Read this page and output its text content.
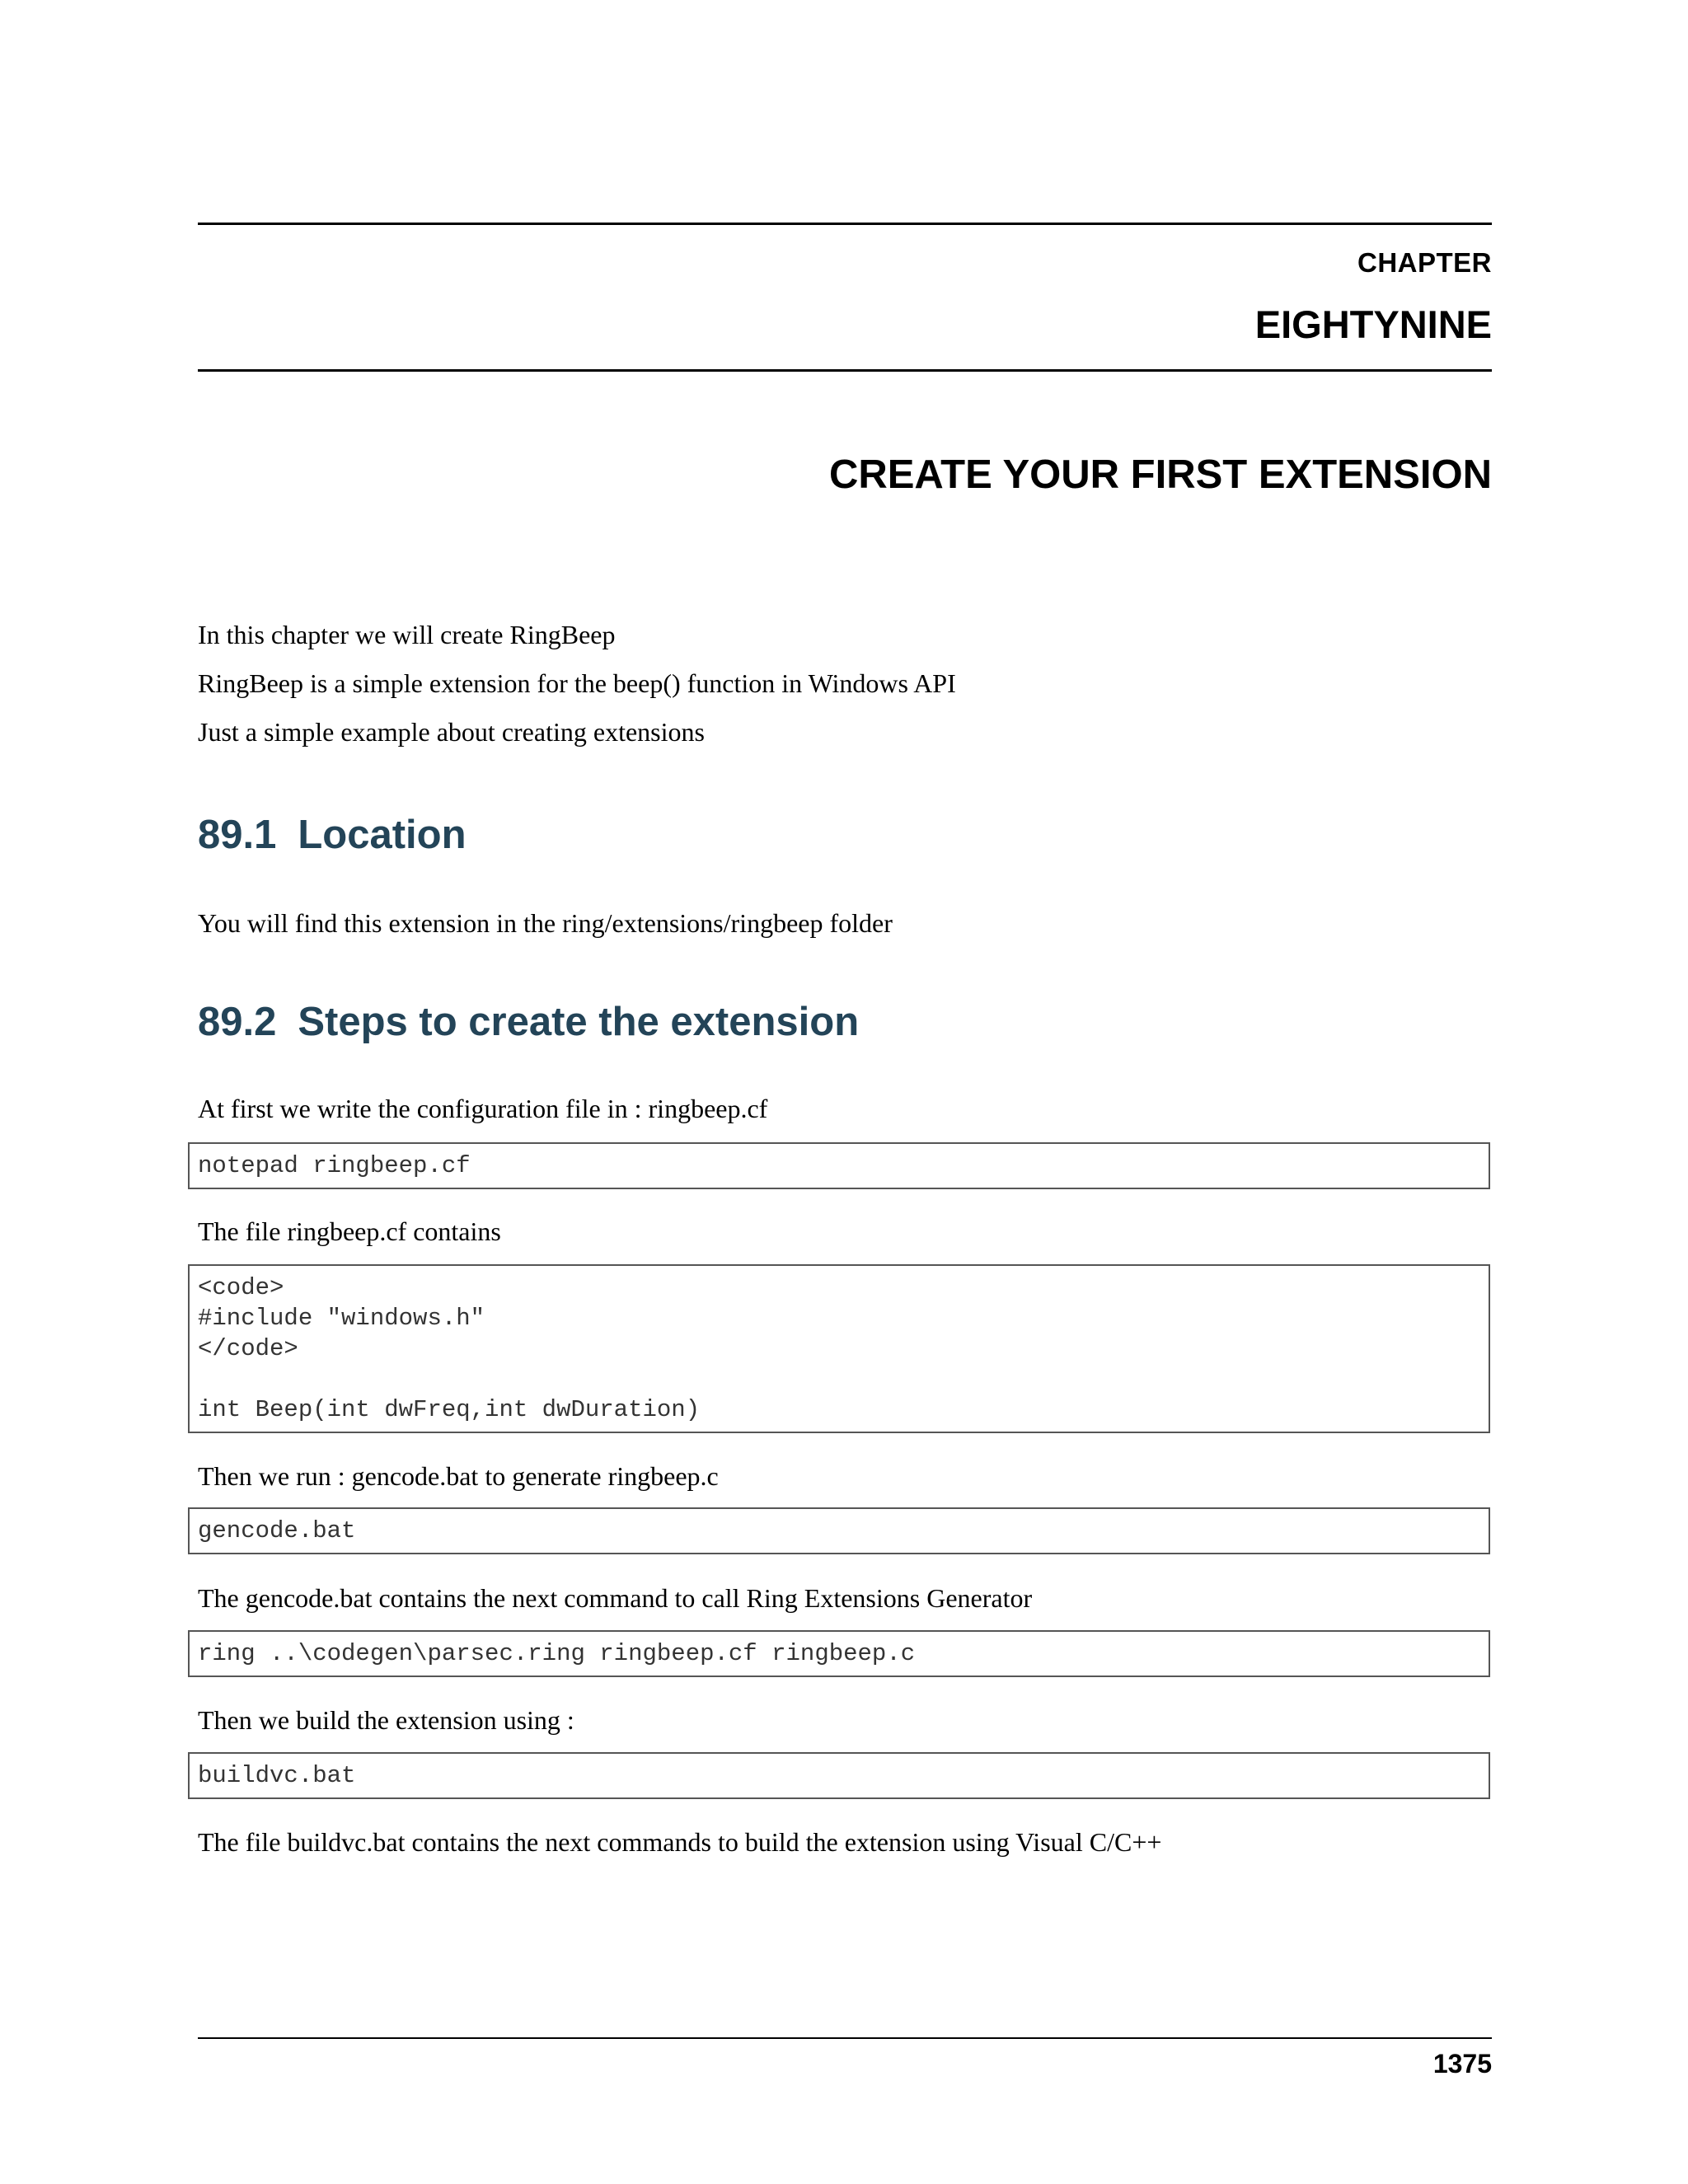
CHAPTER
EIGHTYNINE
CREATE YOUR FIRST EXTENSION
In this chapter we will create RingBeep
RingBeep is a simple extension for the beep() function in Windows API
Just a simple example about creating extensions
89.1 Location
You will find this extension in the ring/extensions/ringbeep folder
89.2 Steps to create the extension
At first we write the configuration file in : ringbeep.cf
notepad ringbeep.cf
The file ringbeep.cf contains
<code>
#include "windows.h"
</code>
int Beep(int dwFreq,int dwDuration)
Then we run : gencode.bat to generate ringbeep.c
gencode.bat
The gencode.bat contains the next command to call Ring Extensions Generator
ring ..\codegen\parsec.ring ringbeep.cf ringbeep.c
Then we build the extension using :
buildvc.bat
The file buildvc.bat contains the next commands to build the extension using Visual C/C++
1375
